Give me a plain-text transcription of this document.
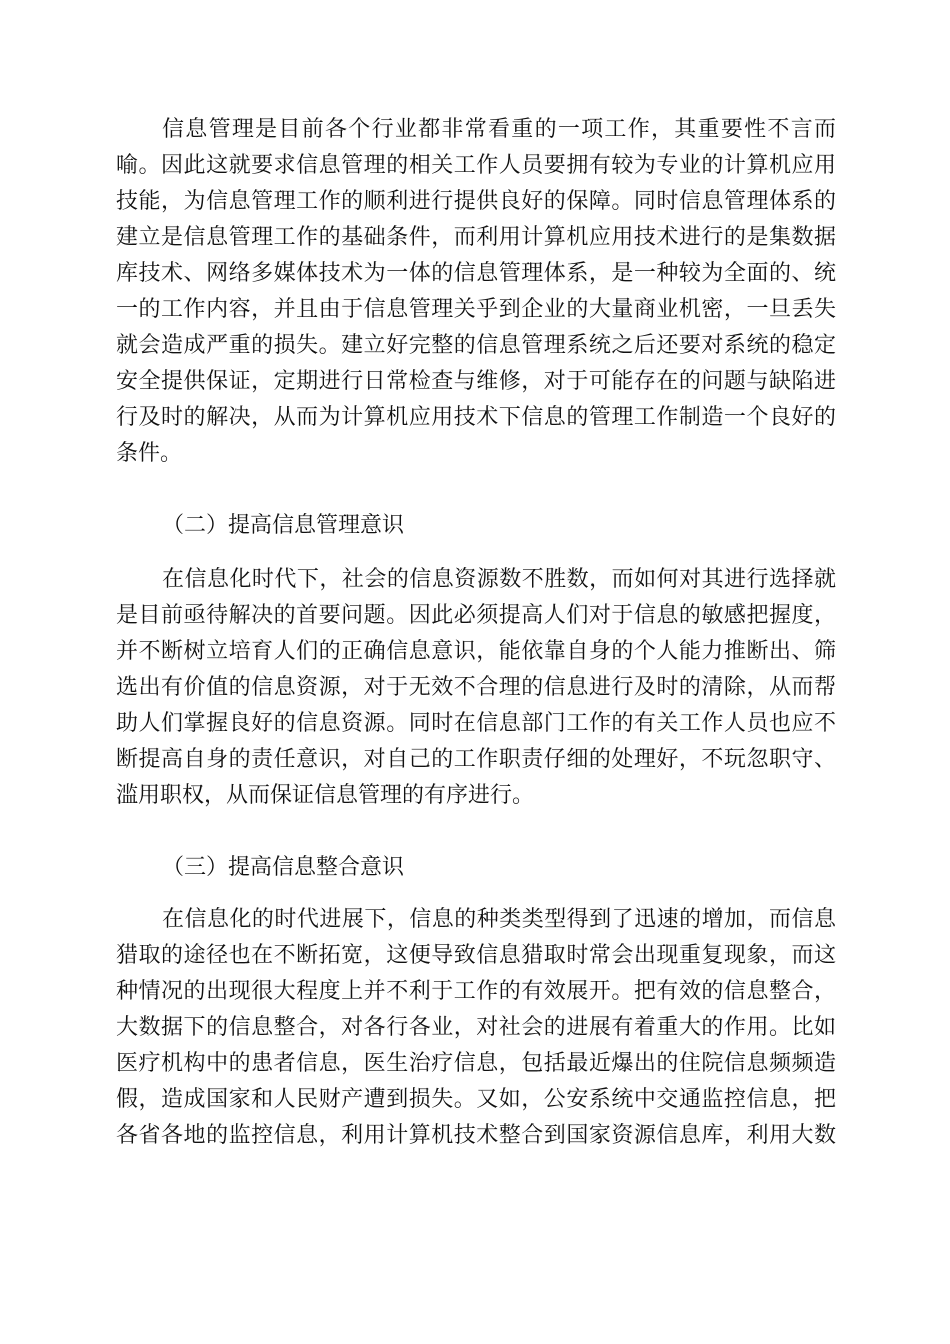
信息管理是目前各个行业都非常看重的一项工作，其重要性不言而
喻。因此这就要求信息管理的相关工作人员要拥有较为专业的计算机应用
技能，为信息管理工作的顺利进行提供良好的保障。同时信息管理体系的
建立是信息管理工作的基础条件，而利用计算机应用技术进行的是集数据
库技术、网络多媒体技术为一体的信息管理体系，是一种较为全面的、统
一的工作内容，并且由于信息管理关乎到企业的大量商业机密，一旦丢失
就会造成严重的损失。建立好完整的信息管理系统之后还要对系统的稳定
安全提供保证，定期进行日常检查与维修，对于可能存在的问题与缺陷进
行及时的解决，从而为计算机应用技术下信息的管理工作制造一个良好的
条件。
（二）提高信息管理意识
在信息化时代下，社会的信息资源数不胜数，而如何对其进行选择就
是目前亟待解决的首要问题。因此必须提高人们对于信息的敏感把握度，
并不断树立培育人们的正确信息意识，能依靠自身的个人能力推断出、筛
选出有价值的信息资源，对于无效不合理的信息进行及时的清除，从而帮
助人们掌握良好的信息资源。同时在信息部门工作的有关工作人员也应不
断提高自身的责任意识，对自己的工作职责仔细的处理好，不玩忽职守、
滥用职权，从而保证信息管理的有序进行。
（三）提高信息整合意识
在信息化的时代进展下，信息的种类类型得到了迅速的增加，而信息
猎取的途径也在不断拓宽，这便导致信息猎取时常会出现重复现象，而这
种情况的出现很大程度上并不利于工作的有效展开。把有效的信息整合，
大数据下的信息整合，对各行各业，对社会的进展有着重大的作用。比如
医疗机构中的患者信息，医生治疗信息，包括最近爆出的住院信息频频造
假，造成国家和人民财产遭到损失。又如，公安系统中交通监控信息，把
各省各地的监控信息，利用计算机技术整合到国家资源信息库，利用大数
